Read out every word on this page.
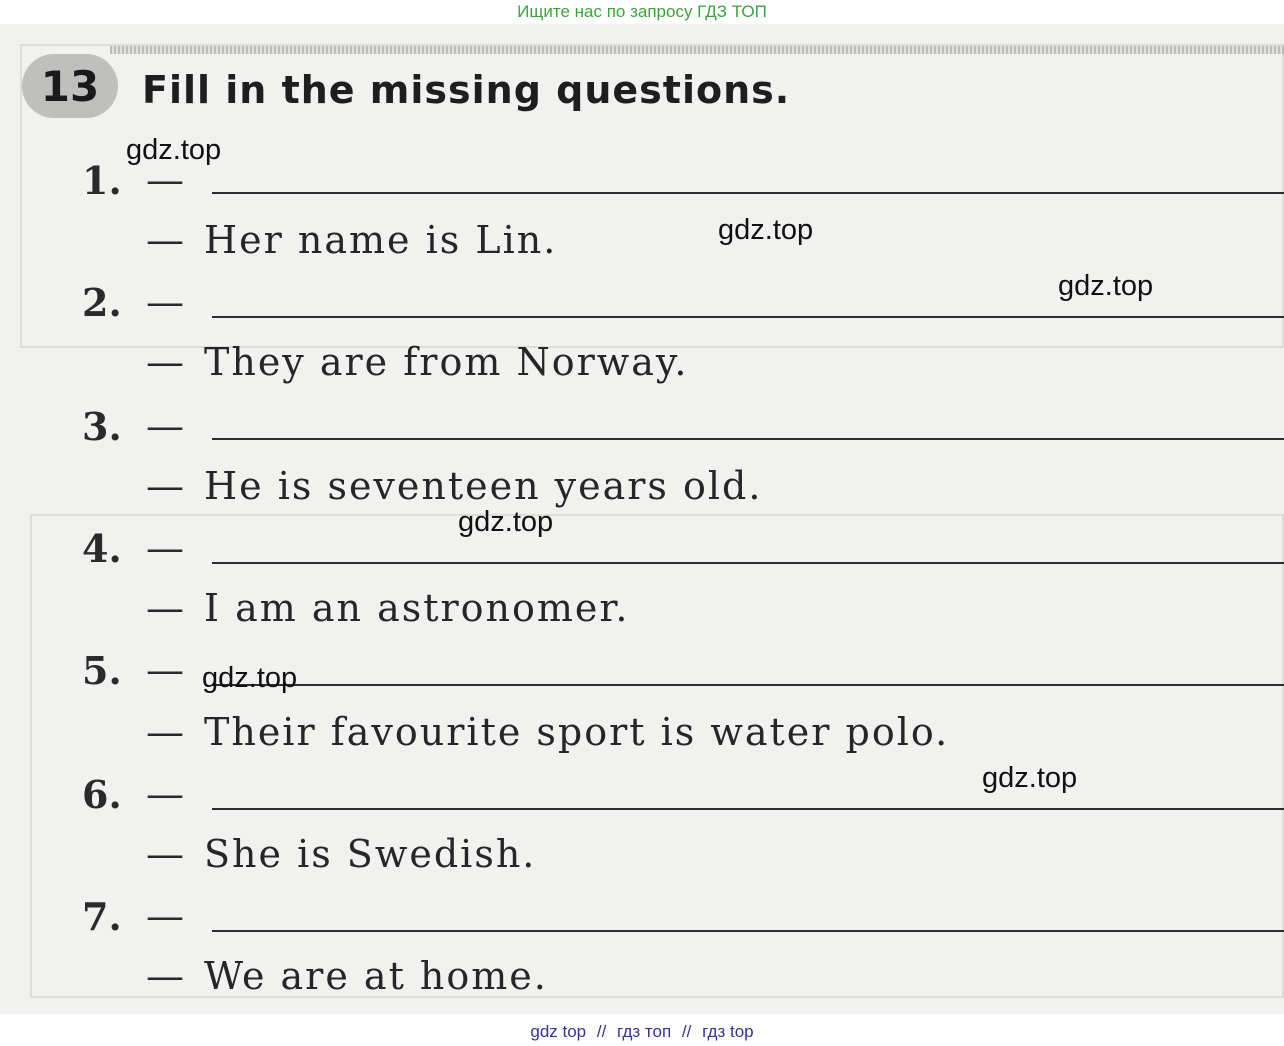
Ищите нас по запросу ГДЗ ТОП
13	Fill in the missing questions.
1. —
— Her name is Lin.
2. —
— They are from Norway.
3. —
— He is seventeen years old.
4. —
— I am an astronomer.
5. —
— Their favourite sport is water polo.
6. —
— She is Swedish.
7. —
— We are at home.
gdz.top
gdz.top
gdz.top
gdz.top
gdz.top
gdz.top
gdz top // гдз топ // гдз top
